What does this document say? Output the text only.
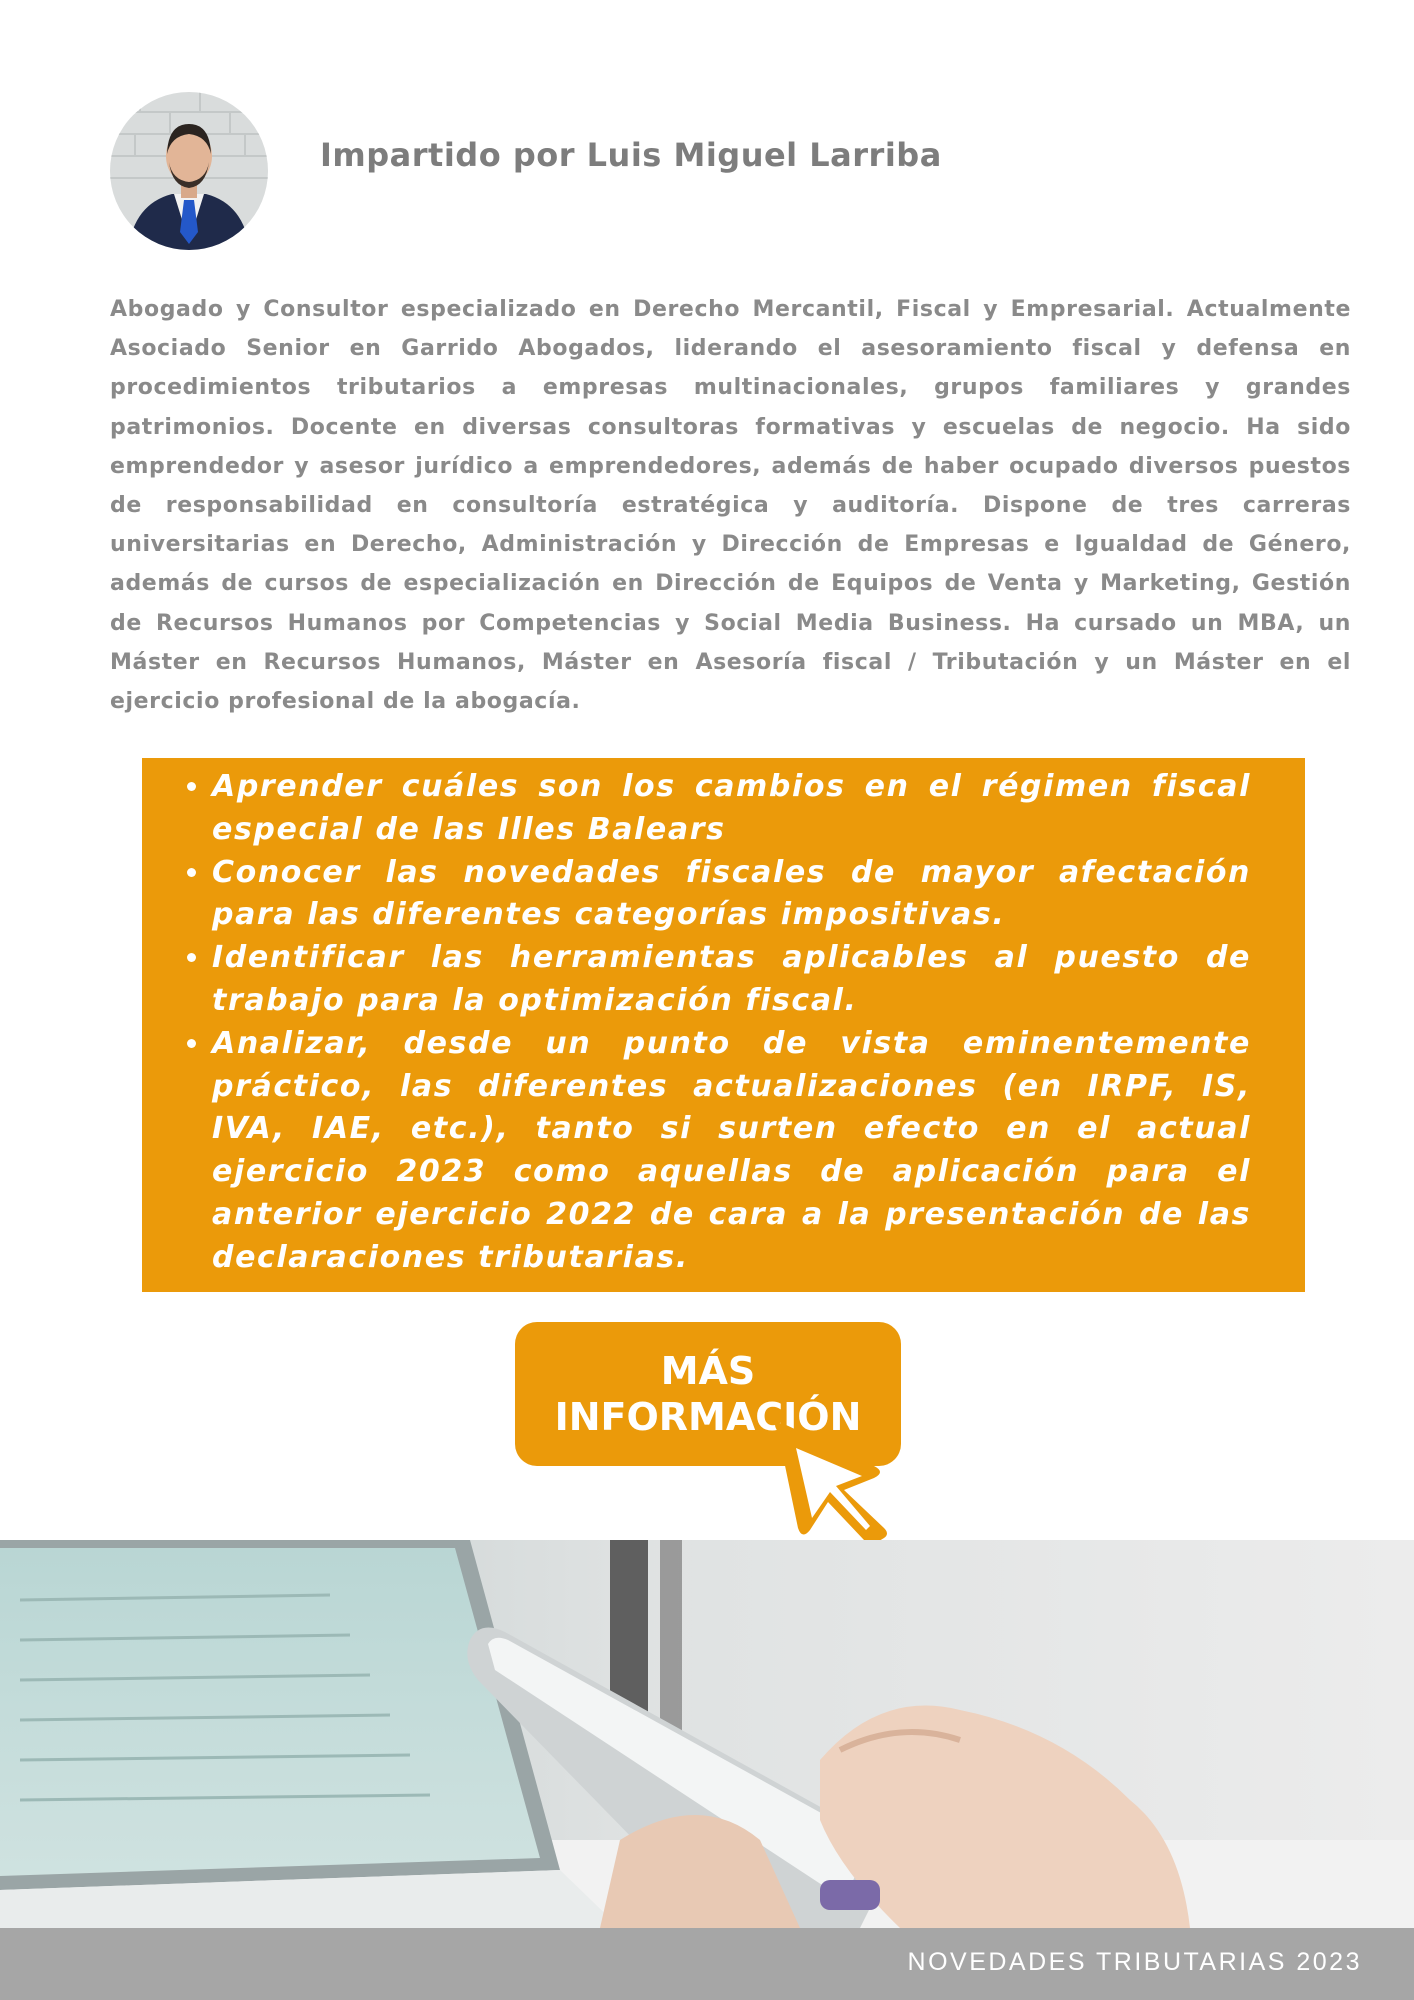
Impartido por Luis Miguel Larriba

Abogado y Consultor especializado en Derecho Mercantil, Fiscal y Empresarial. Actualmente Asociado Senior en Garrido Abogados, liderando el asesoramiento fiscal y defensa en procedimientos tributarios a empresas multinacionales, grupos familiares y grandes patrimonios. Docente en diversas consultoras formativas y escuelas de negocio. Ha sido emprendedor y asesor jurídico a emprendedores, además de haber ocupado diversos puestos de responsabilidad en consultoría estratégica y auditoría. Dispone de tres carreras universitarias en Derecho, Administración y Dirección de Empresas e Igualdad de Género, además de cursos de especialización en Dirección de Equipos de Venta y Marketing, Gestión de Recursos Humanos por Competencias y Social Media Business. Ha cursado un MBA, un Máster en Recursos Humanos, Máster en Asesoría fiscal / Tributación y un Máster en el ejercicio profesional de la abogacía.

• Aprender cuáles son los cambios en el régimen fiscal especial de las Illes Balears
• Conocer las novedades fiscales de mayor afectación para las diferentes categorías impositivas.
• Identificar las herramientas aplicables al puesto de trabajo para la optimización fiscal.
• Analizar, desde un punto de vista eminentemente práctico, las diferentes actualizaciones (en IRPF, IS, IVA, IAE, etc.), tanto si surten efecto en el actual ejercicio 2023 como aquellas de aplicación para el anterior ejercicio 2022 de cara a la presentación de las declaraciones tributarias.
MÁS
INFORMACIÓN
NOVEDADES TRIBUTARIAS 2023
